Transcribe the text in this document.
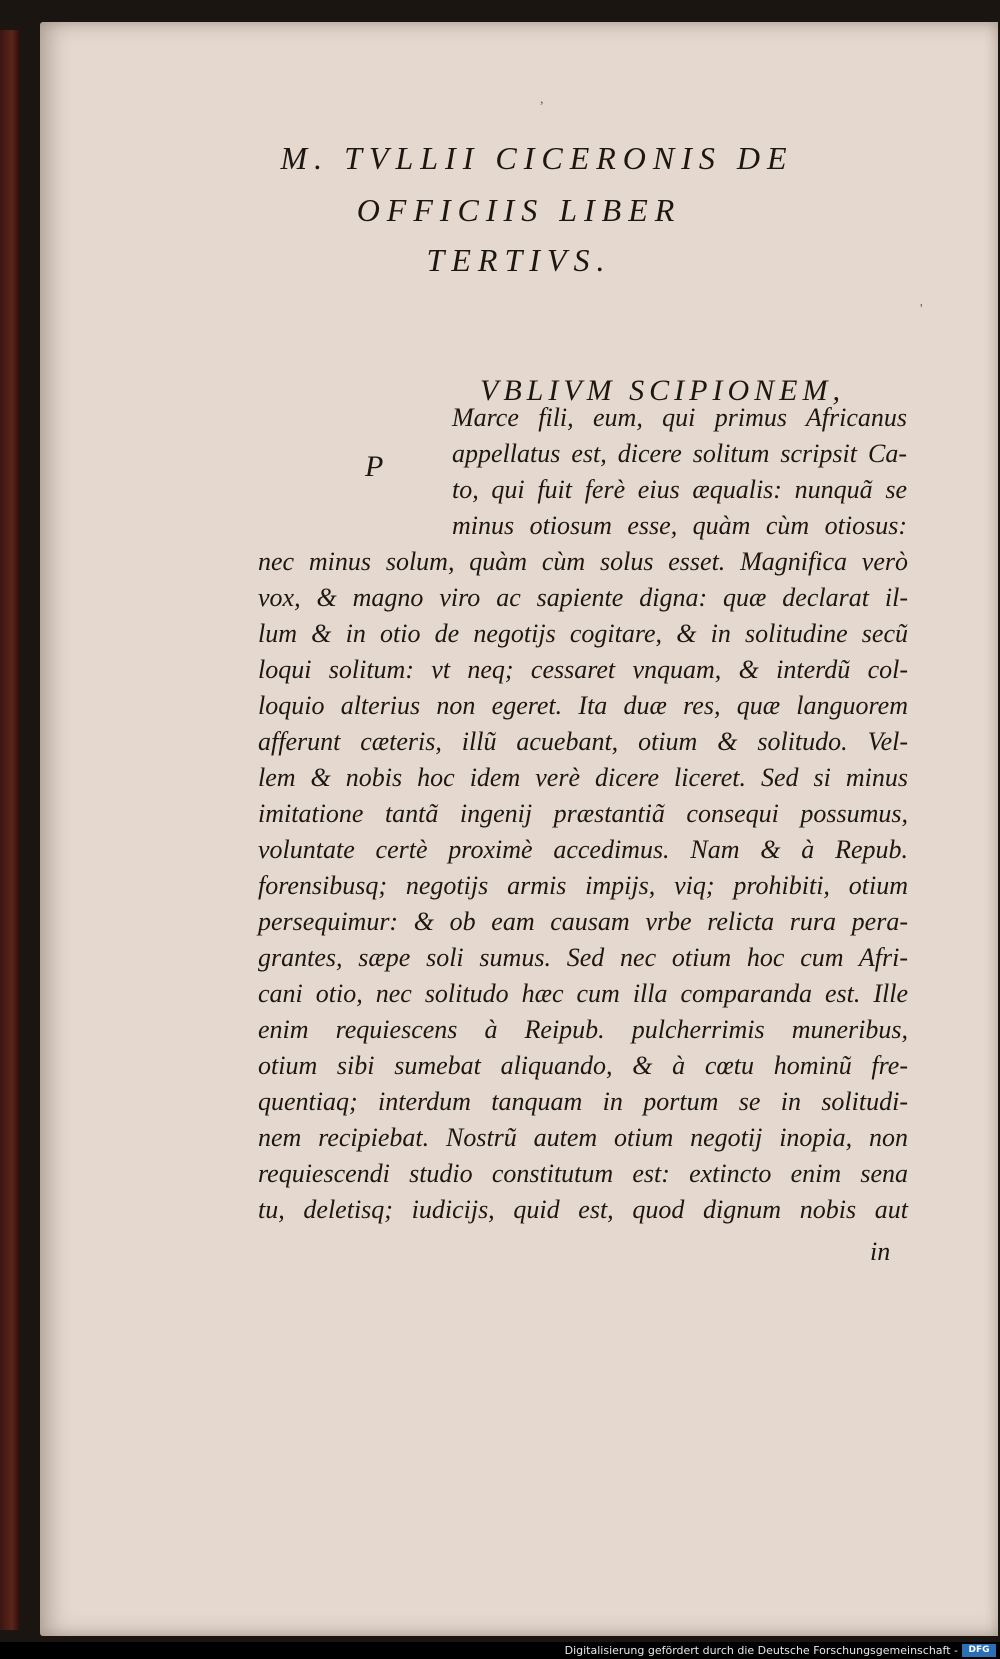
M. TVLLII CICERONIS DE
OFFICIIS LIBER
TERTIVS.
VBLIVM SCIPIONEM,
P
Marce fili, eum, qui primus Africanus
appellatus est, dicere solitum scripsit Ca-
to, qui fuit ferè eius æqualis: nunquã se
minus otiosum esse, quàm cùm otiosus:
nec minus solum, quàm cùm solus esset. Magnifica verò
vox, & magno viro ac sapiente digna: quæ declarat il-
lum & in otio de negotijs cogitare, & in solitudine secũ
loqui solitum: vt neq; cessaret vnquam, & interdũ col-
loquio alterius non egeret. Ita duæ res, quæ languorem
afferunt cæteris, illũ acuebant, otium & solitudo. Vel-
lem & nobis hoc idem verè dicere liceret. Sed si minus
imitatione tantã ingenij præstantiã consequi possumus,
voluntate certè proximè accedimus. Nam & à Repub.
forensibusq; negotijs armis impijs, viq; prohibiti, otium
persequimur: & ob eam causam vrbe relicta rura pera-
grantes, sæpe soli sumus. Sed nec otium hoc cum Afri-
cani otio, nec solitudo hæc cum illa comparanda est. Ille
enim requiescens à Reipub. pulcherrimis muneribus,
otium sibi sumebat aliquando, & à cœtu hominũ fre-
quentiaq; interdum tanquam in portum se in solitudi-
nem recipiebat. Nostrũ autem otium negotij inopia, non
requiescendi studio constitutum est: extincto enim sena
tu, deletisq; iudicijs, quid est, quod dignum nobis aut
in
,
'
Digitalisierung gefördert durch die Deutsche Forschungsgemeinschaft -	DFG
